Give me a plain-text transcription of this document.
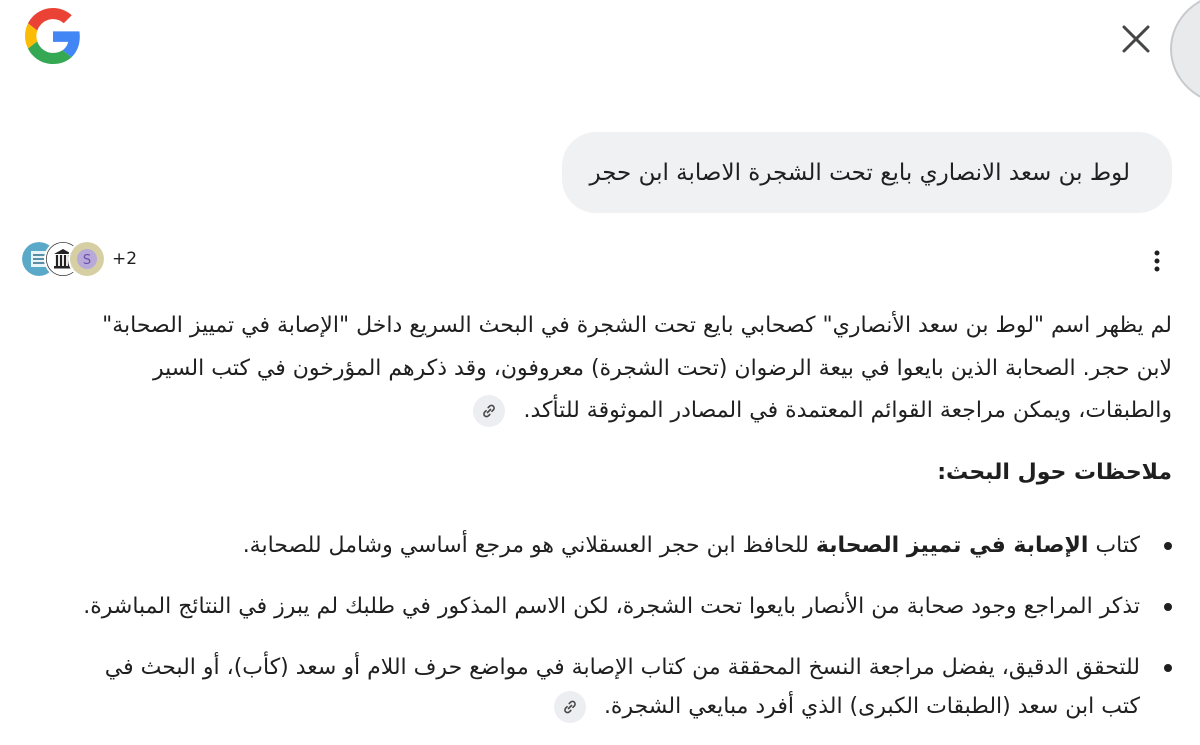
لوط بن سعد الانصاري بايع تحت الشجرة الاصابة ابن حجر
S +2

لم يظهر اسم "لوط بن سعد الأنصاري" كصحابي بايع تحت الشجرة في البحث السريع داخل "الإصابة في تمييز الصحابة"

لابن حجر. الصحابة الذين بايعوا في بيعة الرضوان (تحت الشجرة) معروفون، وقد ذكرهم المؤرخون في كتب السير

والطبقات، ويمكن مراجعة القوائم المعتمدة في المصادر الموثوقة للتأكد.

ملاحظات حول البحث:

كتاب الإصابة في تمييز الصحابة للحافظ ابن حجر العسقلاني هو مرجع أساسي وشامل للصحابة.
تذكر المراجع وجود صحابة من الأنصار بايعوا تحت الشجرة، لكن الاسم المذكور في طلبك لم يبرز في النتائج المباشرة.
للتحقق الدقيق، يفضل مراجعة النسخ المحققة من كتاب الإصابة في مواضع حرف اللام أو سعد (كأب)، أو البحث في
كتب ابن سعد (الطبقات الكبرى) الذي أفرد مبايعي الشجرة.
